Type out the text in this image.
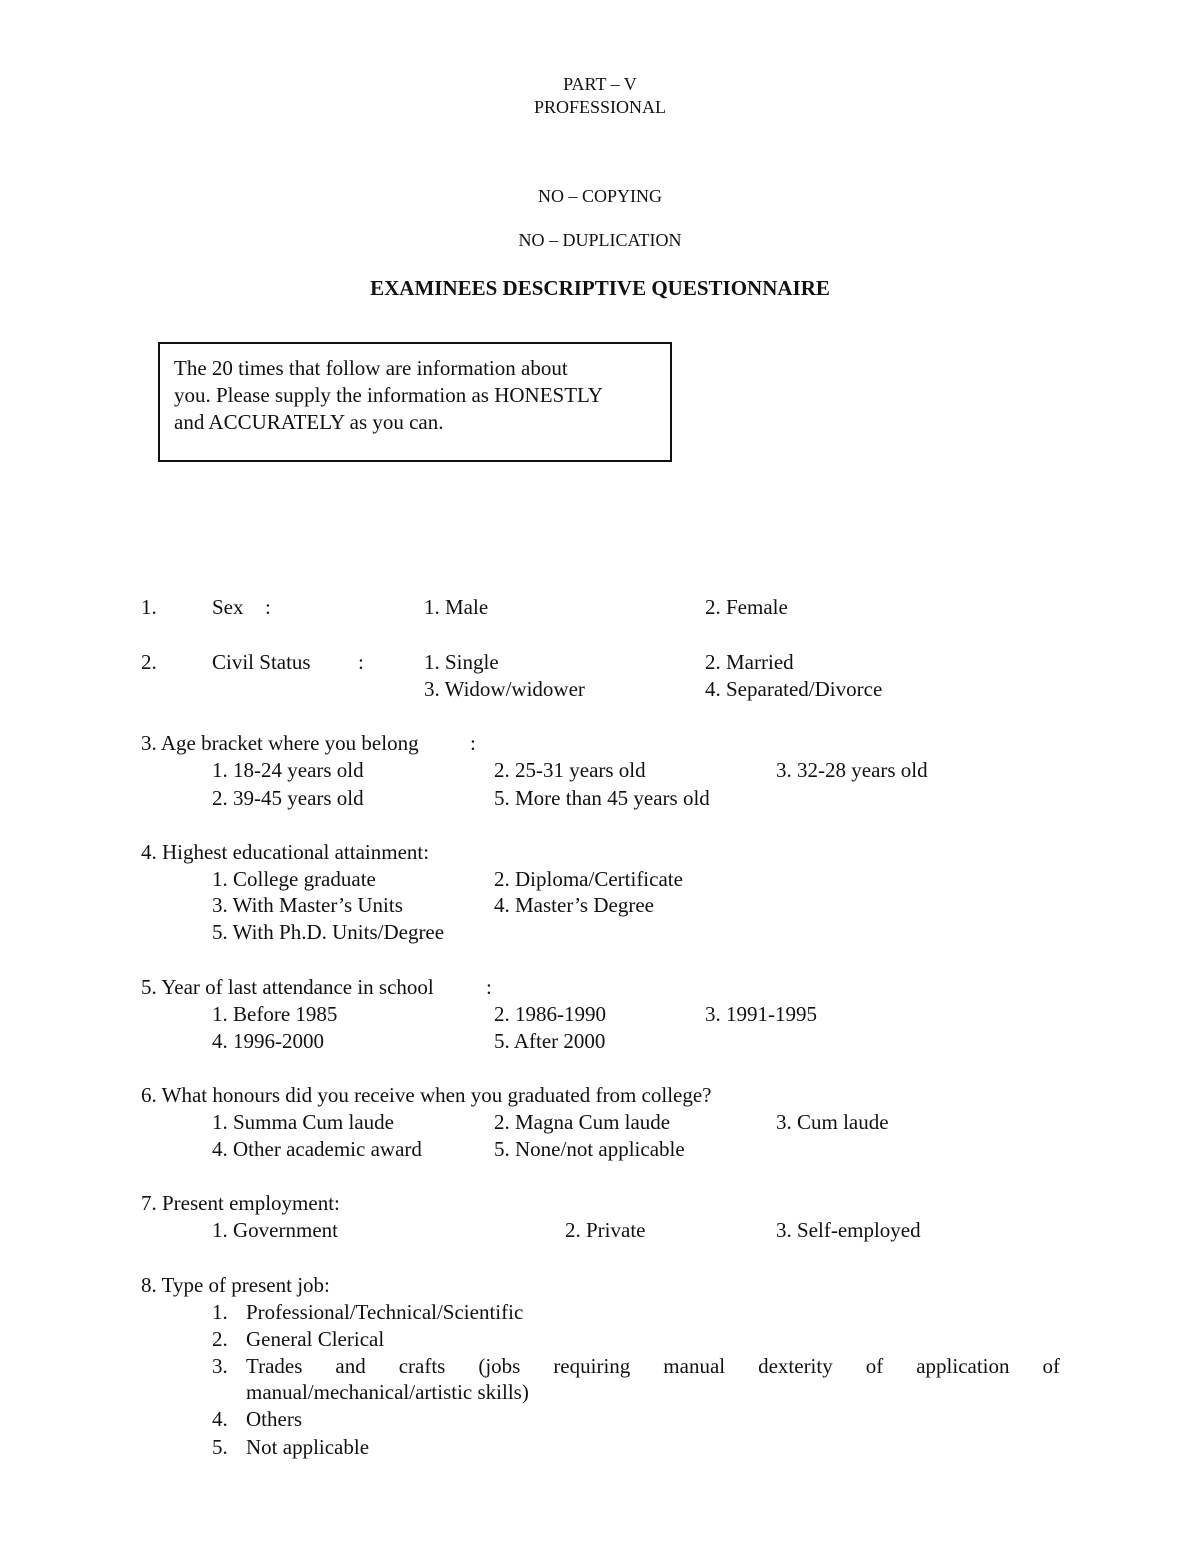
PART – V
PROFESSIONAL
NO – COPYING
NO – DUPLICATION
EXAMINEES DESCRIPTIVE QUESTIONNAIRE

The 20 times that follow are information about

you. Please supply the information as HONESTLY

and ACCURATELY as you can.

1.	Sex :	1. Male	2. Female
2.	Civil Status :	1. Single	2. Married
3. Widow/widower	4. Separated/Divorce
3. Age bracket where you belong :
1. 18-24 years old	2. 25-31 years old	3. 32-28 years old
2. 39-45 years old	5. More than 45 years old
4. Highest educational attainment:
1. College graduate	2. Diploma/Certificate
3. With Master’s Units	4. Master’s Degree
5. With Ph.D. Units/Degree
5. Year of last attendance in school :
1. Before 1985	2. 1986-1990	3. 1991-1995
4. 1996-2000	5. After 2000
6. What honours did you receive when you graduated from college?
1. Summa Cum laude	2. Magna Cum laude	3. Cum laude
4. Other academic award	5. None/not applicable
7. Present employment:
1. Government	2. Private	3. Self-employed
8. Type of present job:
1. Professional/Technical/Scientific
2. General Clerical
3. Trades and crafts (jobs requiring manual dexterity of application of
manual/mechanical/artistic skills)
4. Others
5. Not applicable
